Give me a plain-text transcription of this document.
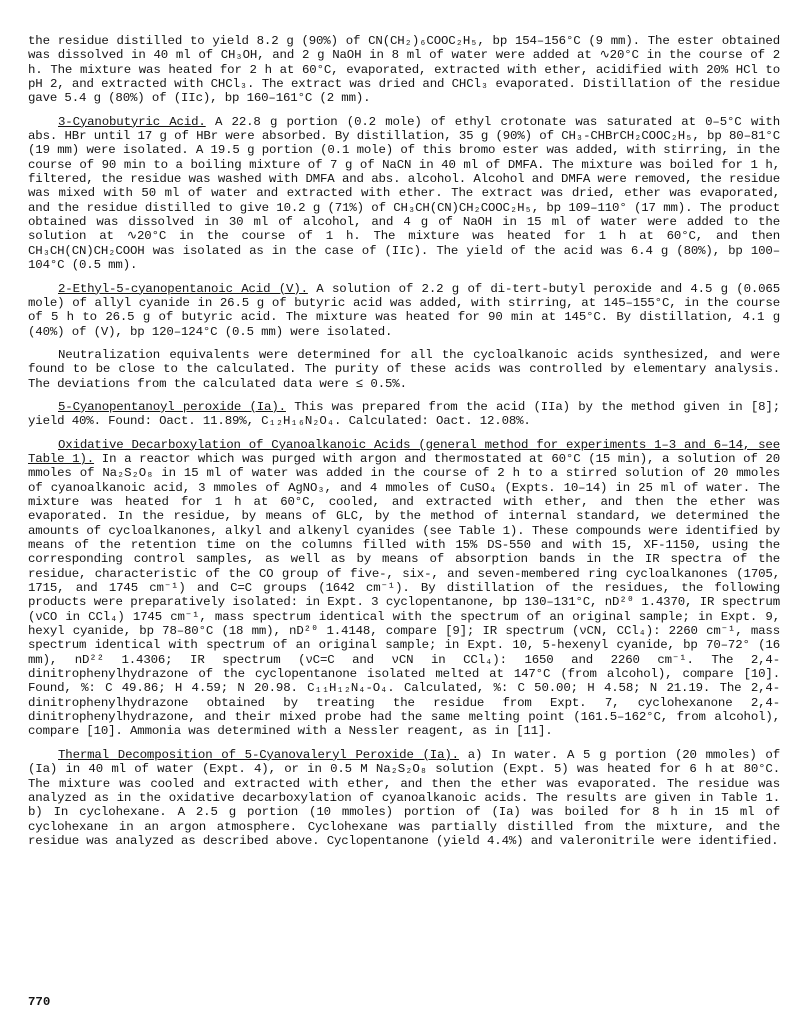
the residue distilled to yield 8.2 g (90%) of CN(CH₂)₆COOC₂H₅, bp 154–156°C (9 mm). The ester obtained was dissolved in 40 ml of CH₃OH, and 2 g NaOH in 8 ml of water were added at ∿20°C in the course of 2 h. The mixture was heated for 2 h at 60°C, evaporated, extracted with ether, acidified with 20% HCl to pH 2, and extracted with CHCl₃. The extract was dried and CHCl₃ evaporated. Distillation of the residue gave 5.4 g (80%) of (IIc), bp 160–161°C (2 mm).

3-Cyanobutyric Acid. A 22.8 g portion (0.2 mole) of ethyl crotonate was saturated at 0–5°C with abs. HBr until 17 g of HBr were absorbed. By distillation, 35 g (90%) of CH₃-CHBrCH₂COOC₂H₅, bp 80–81°C (19 mm) were isolated. A 19.5 g portion (0.1 mole) of this bromo ester was added, with stirring, in the course of 90 min to a boiling mixture of 7 g of NaCN in 40 ml of DMFA. The mixture was boiled for 1 h, filtered, the residue was washed with DMFA and abs. alcohol. Alcohol and DMFA were removed, the residue was mixed with 50 ml of water and extracted with ether. The extract was dried, ether was evaporated, and the residue distilled to give 10.2 g (71%) of CH₃CH(CN)CH₂COOC₂H₅, bp 109–110° (17 mm). The product obtained was dissolved in 30 ml of alcohol, and 4 g of NaOH in 15 ml of water were added to the solution at ∿20°C in the course of 1 h. The mixture was heated for 1 h at 60°C, and then CH₃CH(CN)CH₂COOH was isolated as in the case of (IIc). The yield of the acid was 6.4 g (80%), bp 100–104°C (0.5 mm).

2-Ethyl-5-cyanopentanoic Acid (V). A solution of 2.2 g of di-tert-butyl peroxide and 4.5 g (0.065 mole) of allyl cyanide in 26.5 g of butyric acid was added, with stirring, at 145–155°C, in the course of 5 h to 26.5 g of butyric acid. The mixture was heated for 90 min at 145°C. By distillation, 4.1 g (40%) of (V), bp 120–124°C (0.5 mm) were isolated.

Neutralization equivalents were determined for all the cycloalkanoic acids synthesized, and were found to be close to the calculated. The purity of these acids was controlled by elementary analysis. The deviations from the calculated data were ≤ 0.5%.

5-Cyanopentanoyl peroxide (Ia). This was prepared from the acid (IIa) by the method given in [8]; yield 40%. Found: Oact. 11.89%, C₁₂H₁₆N₂O₄. Calculated: Oact. 12.08%.

Oxidative Decarboxylation of Cyanoalkanoic Acids (general method for experiments 1–3 and 6–14, see Table 1). In a reactor which was purged with argon and thermostated at 60°C (15 min), a solution of 20 mmoles of Na₂S₂O₈ in 15 ml of water was added in the course of 2 h to a stirred solution of 20 mmoles of cyanoalkanoic acid, 3 mmoles of AgNO₃, and 4 mmoles of CuSO₄ (Expts. 10–14) in 25 ml of water. The mixture was heated for 1 h at 60°C, cooled, and extracted with ether, and then the ether was evaporated. In the residue, by means of GLC, by the method of internal standard, we determined the amounts of cycloalkanones, alkyl and alkenyl cyanides (see Table 1). These compounds were identified by means of the retention time on the columns filled with 15% DS-550 and with 15, XF-1150, using the corresponding control samples, as well as by means of absorption bands in the IR spectra of the residue, characteristic of the CO group of five-, six-, and seven-membered ring cycloalkanones (1705, 1715, and 1745 cm⁻¹) and C=C groups (1642 cm⁻¹). By distillation of the residues, the following products were preparatively isolated: in Expt. 3 cyclopentanone, bp 130–131°C, nD²⁰ 1.4370, IR spectrum (νCO in CCl₄) 1745 cm⁻¹, mass spectrum identical with the spectrum of an original sample; in Expt. 9, hexyl cyanide, bp 78–80°C (18 mm), nD²⁰ 1.4148, compare [9]; IR spectrum (νCN, CCl₄): 2260 cm⁻¹, mass spectrum identical with spectrum of an original sample; in Expt. 10, 5-hexenyl cyanide, bp 70–72° (16 mm), nD²² 1.4306; IR spectrum (νC=C and νCN in CCl₄): 1650 and 2260 cm⁻¹. The 2,4-dinitrophenylhydrazone of the cyclopentanone isolated melted at 147°C (from alcohol), compare [10]. Found, %: C 49.86; H 4.59; N 20.98. C₁₁H₁₂N₄-O₄. Calculated, %: C 50.00; H 4.58; N 21.19. The 2,4-dinitrophenylhydrazone obtained by treating the residue from Expt. 7, cyclohexanone 2,4-dinitrophenylhydrazone, and their mixed probe had the same melting point (161.5–162°C, from alcohol), compare [10]. Ammonia was determined with a Nessler reagent, as in [11].

Thermal Decomposition of 5-Cyanovaleryl Peroxide (Ia). a) In water. A 5 g portion (20 mmoles) of (Ia) in 40 ml of water (Expt. 4), or in 0.5 M Na₂S₂O₈ solution (Expt. 5) was heated for 6 h at 80°C. The mixture was cooled and extracted with ether, and then the ether was evaporated. The residue was analyzed as in the oxidative decarboxylation of cyanoalkanoic acids. The results are given in Table 1. b) In cyclohexane. A 2.5 g portion (10 mmoles) portion of (Ia) was boiled for 8 h in 15 ml of cyclohexane in an argon atmosphere. Cyclohexane was partially distilled from the mixture, and the residue was analyzed as described above. Cyclopentanone (yield 4.4%) and valeronitrile were identified.

770
